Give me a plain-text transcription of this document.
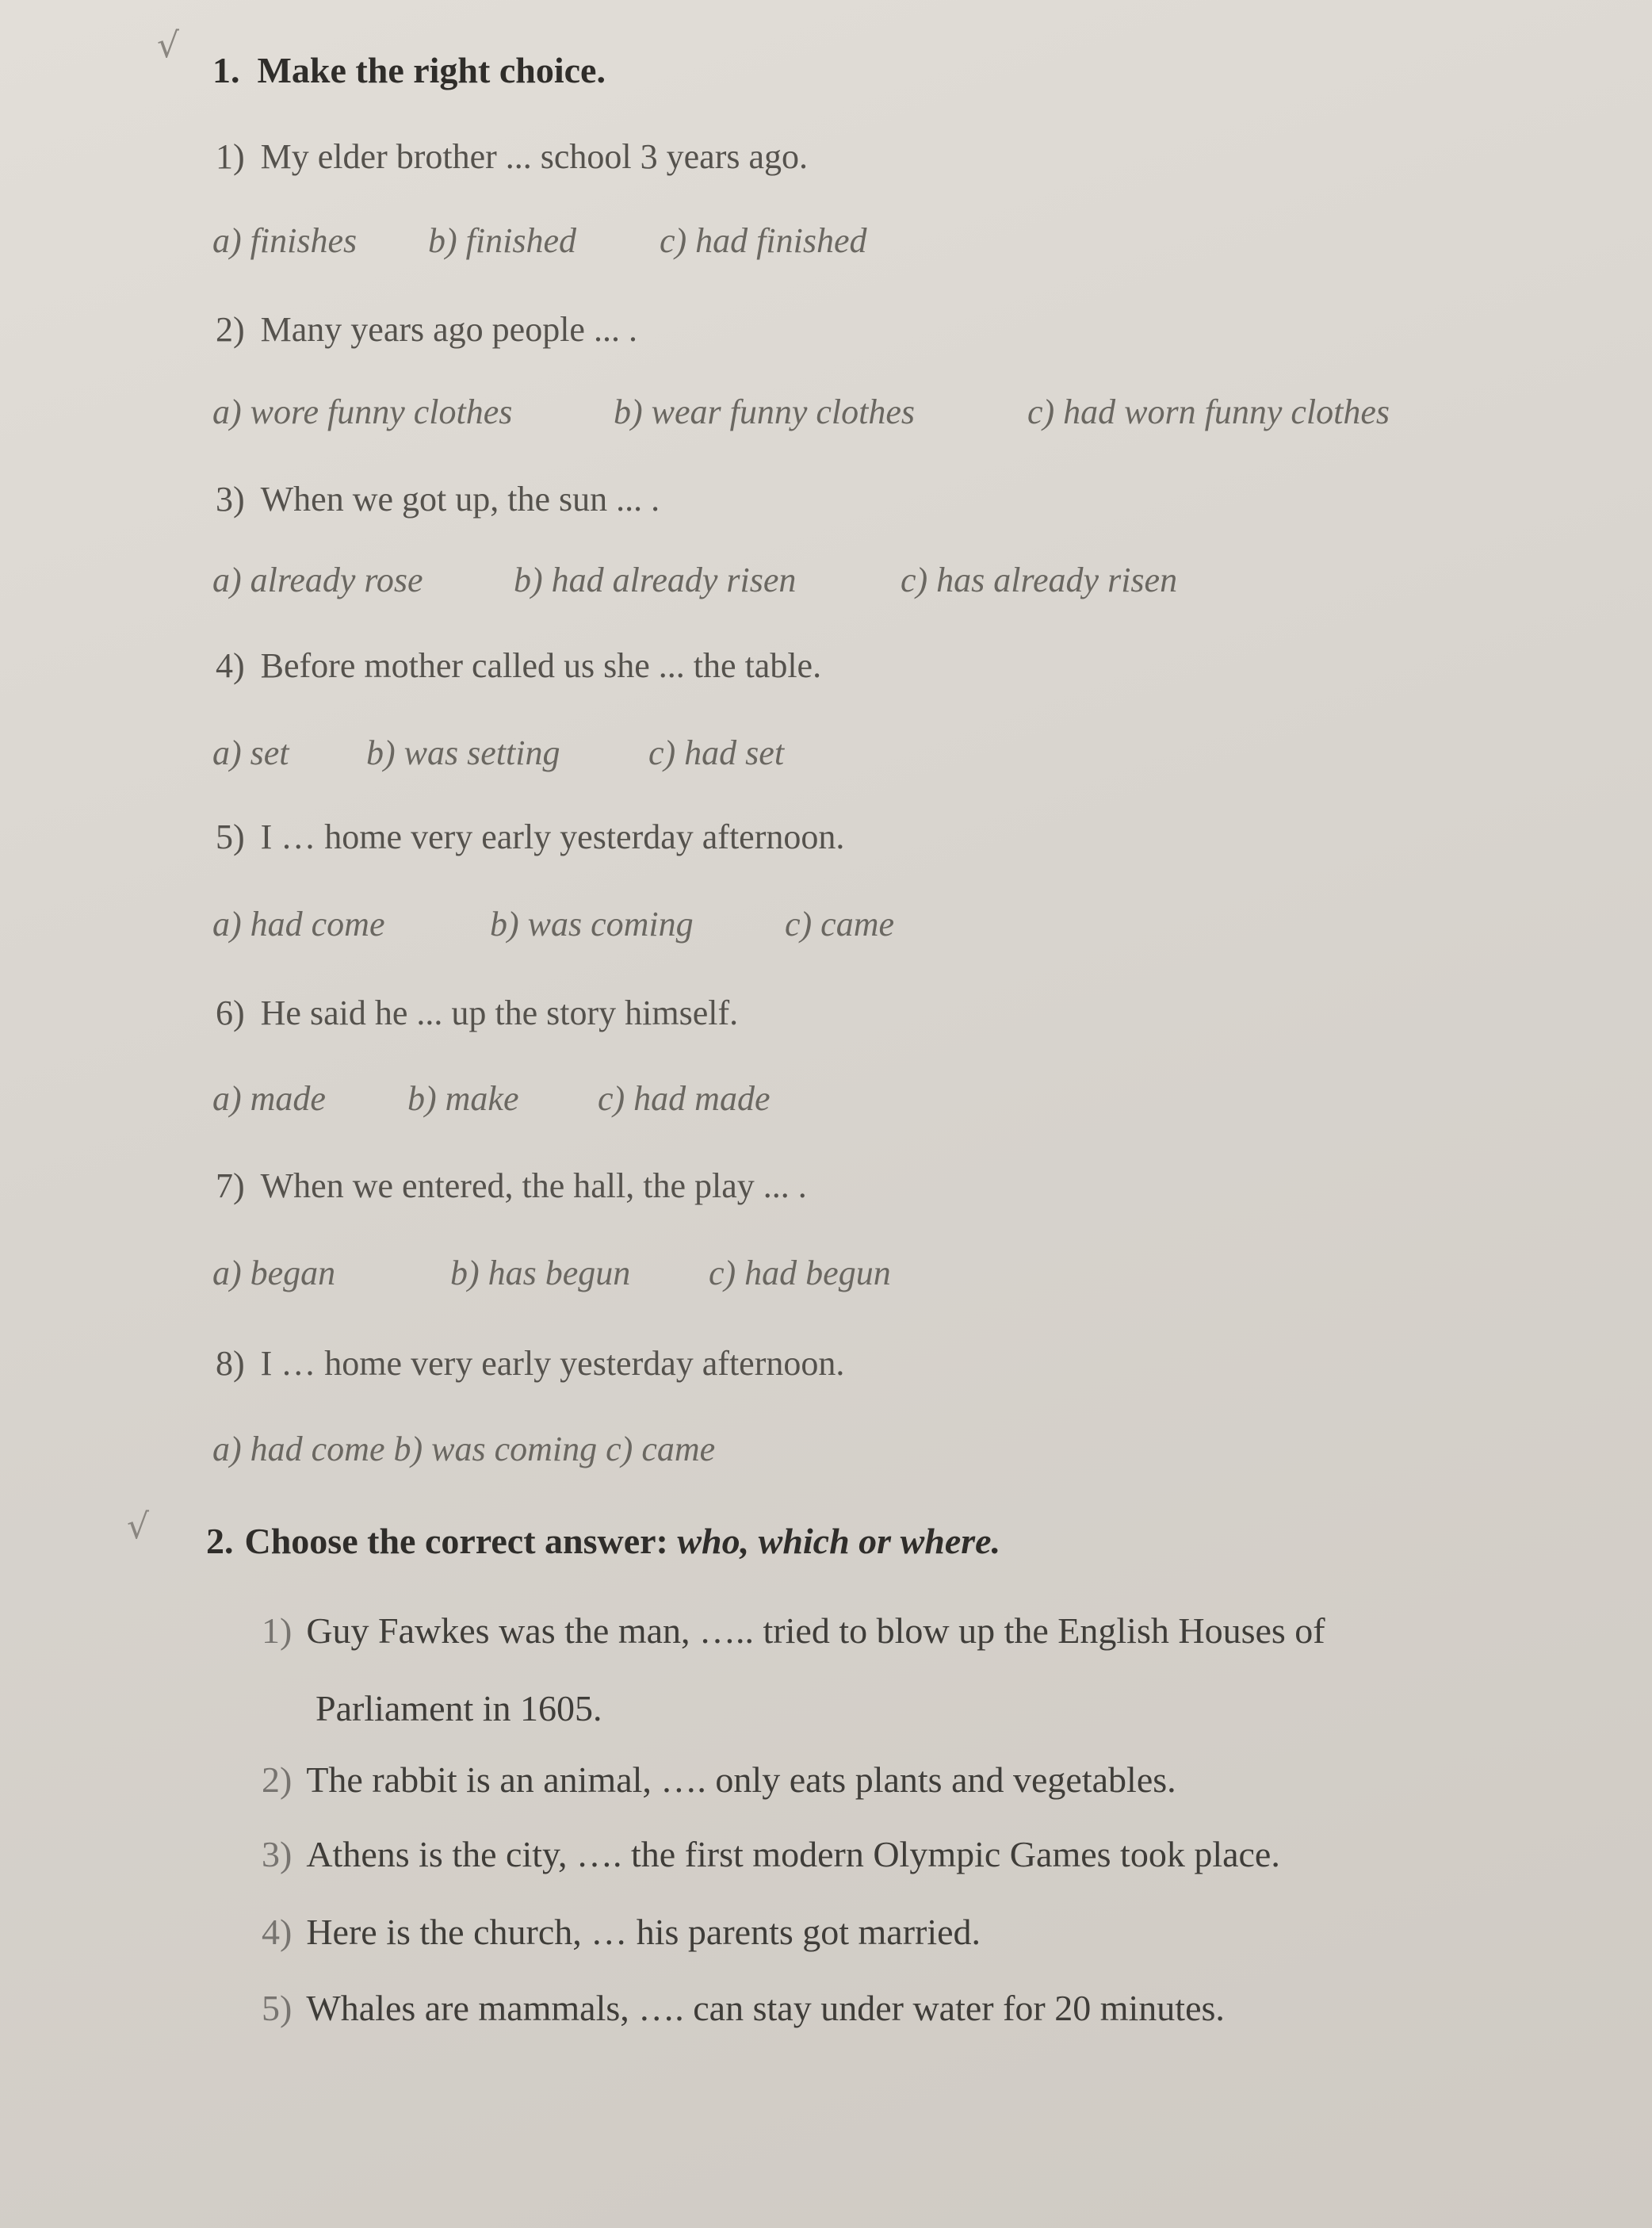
√
1. Make the right choice.
1) My elder brother ... school 3 years ago.
a) finishes b) finished c) had finished
2) Many years ago people ... .
a) wore funny clothes	b) wear funny clothes	c) had worn funny clothes
3) When we got up, the sun ... .
a) already rose	b) had already risen	c) has already risen
4) Before mother called us she ... the table.
a) set b) was setting	c) had set
5) I … home very early yesterday afternoon.
a) had come	b) was coming	c) came
6) He said he ... up the story himself.
a) made b) make c) had made
7) When we entered, the hall, the play ... .
a) began	b) has begun c) had begun
8) I … home very early yesterday afternoon.
a) had come b) was coming c) came
√ 2. Choose the correct answer: who, which or where.
1) Guy Fawkes was the man, ….. tried to blow up the English Houses of
Parliament in 1605.
2) The rabbit is an animal, …. only eats plants and vegetables.
3) Athens is the city, …. the first modern Olympic Games took place.
4) Here is the church, … his parents got married.
5) Whales are mammals, …. can stay under water for 20 minutes.
